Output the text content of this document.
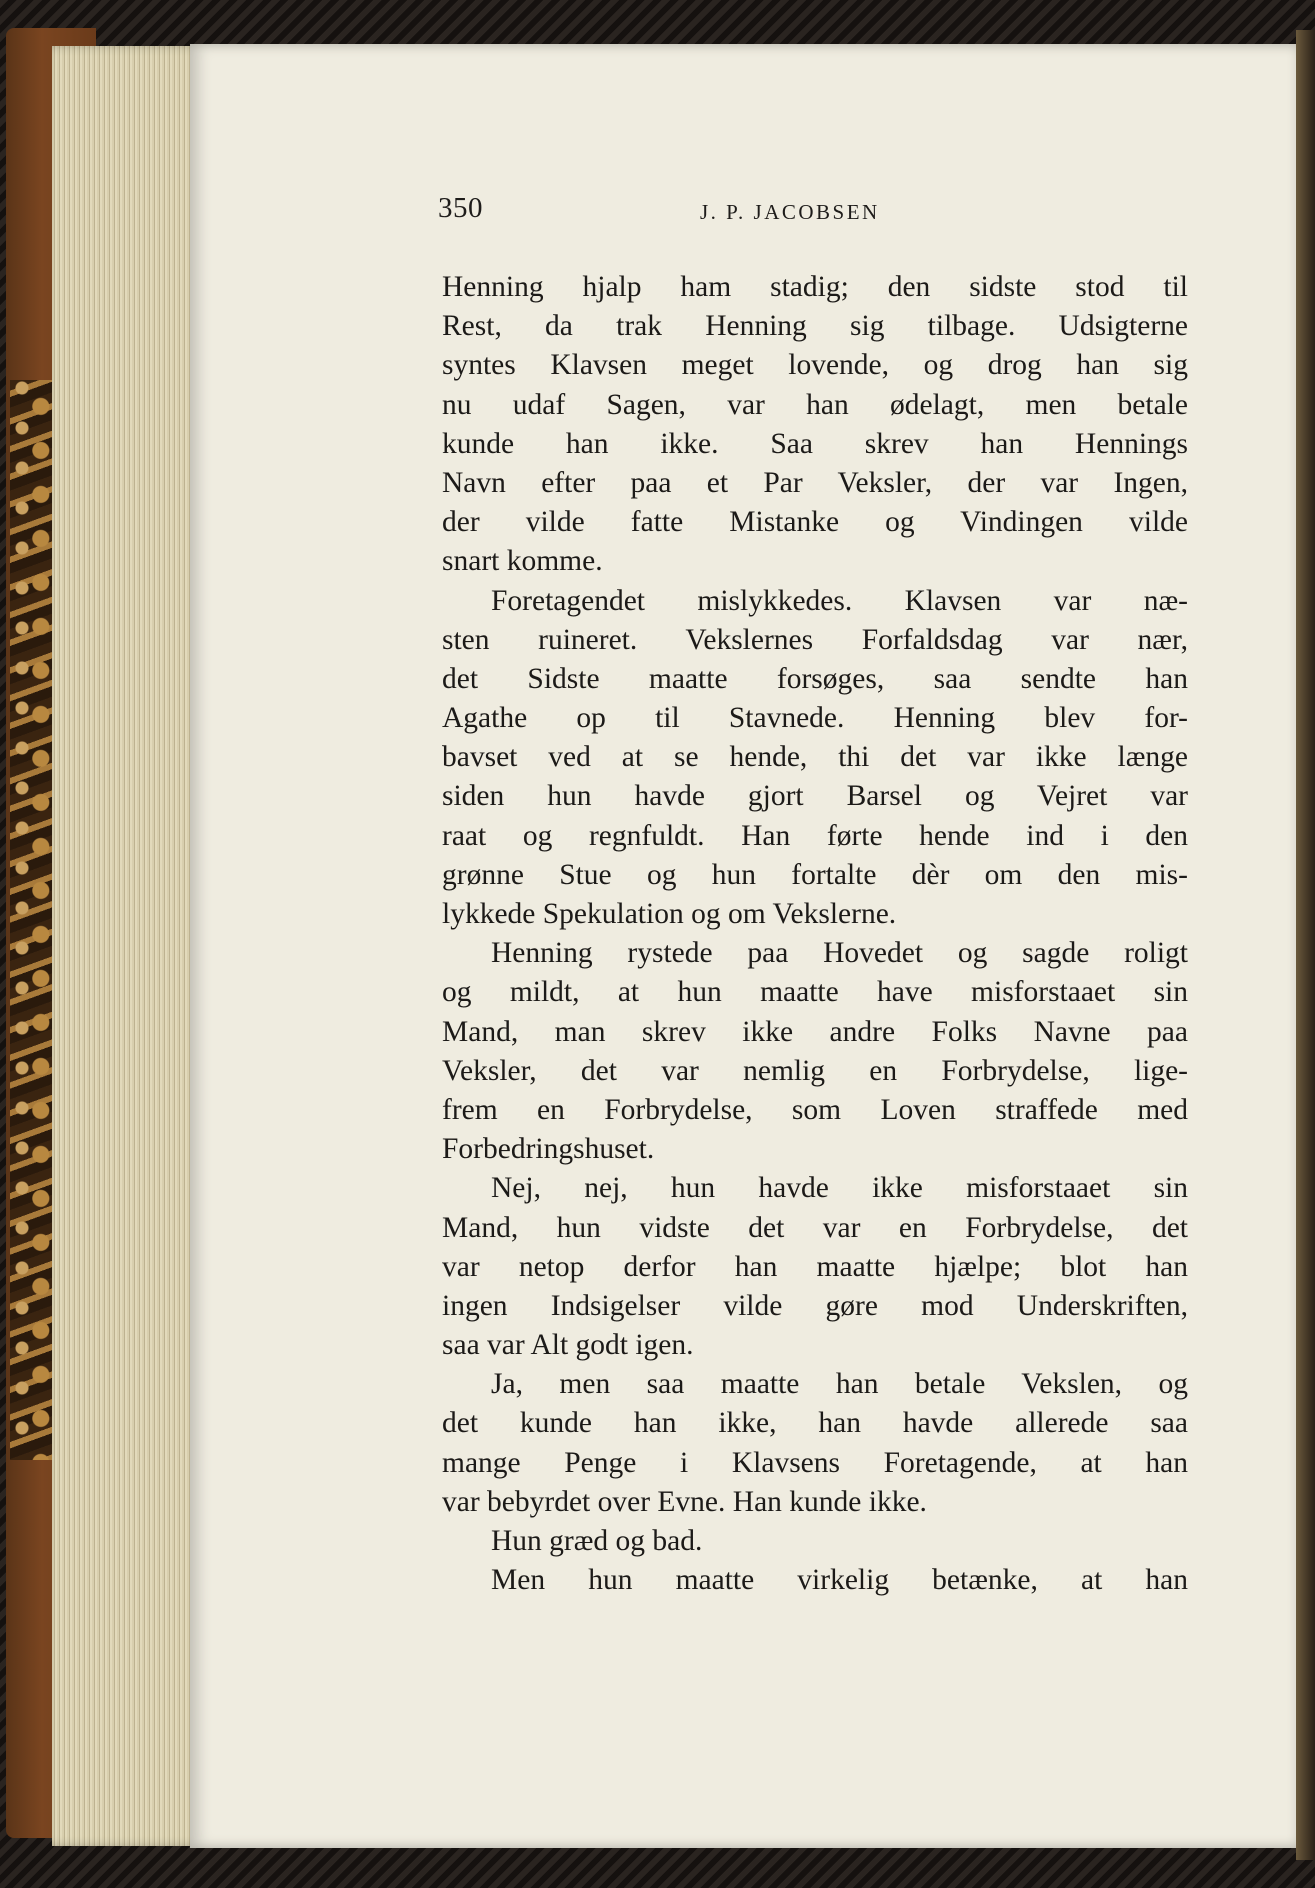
350	J. P. JACOBSEN
Henning hjalp ham stadig; den sidste stod til
Rest, da trak Henning sig tilbage. Udsigterne
syntes Klavsen meget lovende, og drog han sig
nu udaf Sagen, var han ødelagt, men betale
kunde han ikke. Saa skrev han Hennings
Navn efter paa et Par Veksler, der var Ingen,
der vilde fatte Mistanke og Vindingen vilde
snart komme.
Foretagendet mislykkedes. Klavsen var næ-
sten ruineret. Vekslernes Forfaldsdag var nær,
det Sidste maatte forsøges, saa sendte han
Agathe op til Stavnede. Henning blev for-
bavset ved at se hende, thi det var ikke længe
siden hun havde gjort Barsel og Vejret var
raat og regnfuldt. Han førte hende ind i den
grønne Stue og hun fortalte dèr om den mis-
lykkede Spekulation og om Vekslerne.
Henning rystede paa Hovedet og sagde roligt
og mildt, at hun maatte have misforstaaet sin
Mand, man skrev ikke andre Folks Navne paa
Veksler, det var nemlig en Forbrydelse, lige-
frem en Forbrydelse, som Loven straffede med
Forbedringshuset.
Nej, nej, hun havde ikke misforstaaet sin
Mand, hun vidste det var en Forbrydelse, det
var netop derfor han maatte hjælpe; blot han
ingen Indsigelser vilde gøre mod Underskriften,
saa var Alt godt igen.
Ja, men saa maatte han betale Vekslen, og
det kunde han ikke, han havde allerede saa
mange Penge i Klavsens Foretagende, at han
var bebyrdet over Evne. Han kunde ikke.
Hun græd og bad.
Men hun maatte virkelig betænke, at han
